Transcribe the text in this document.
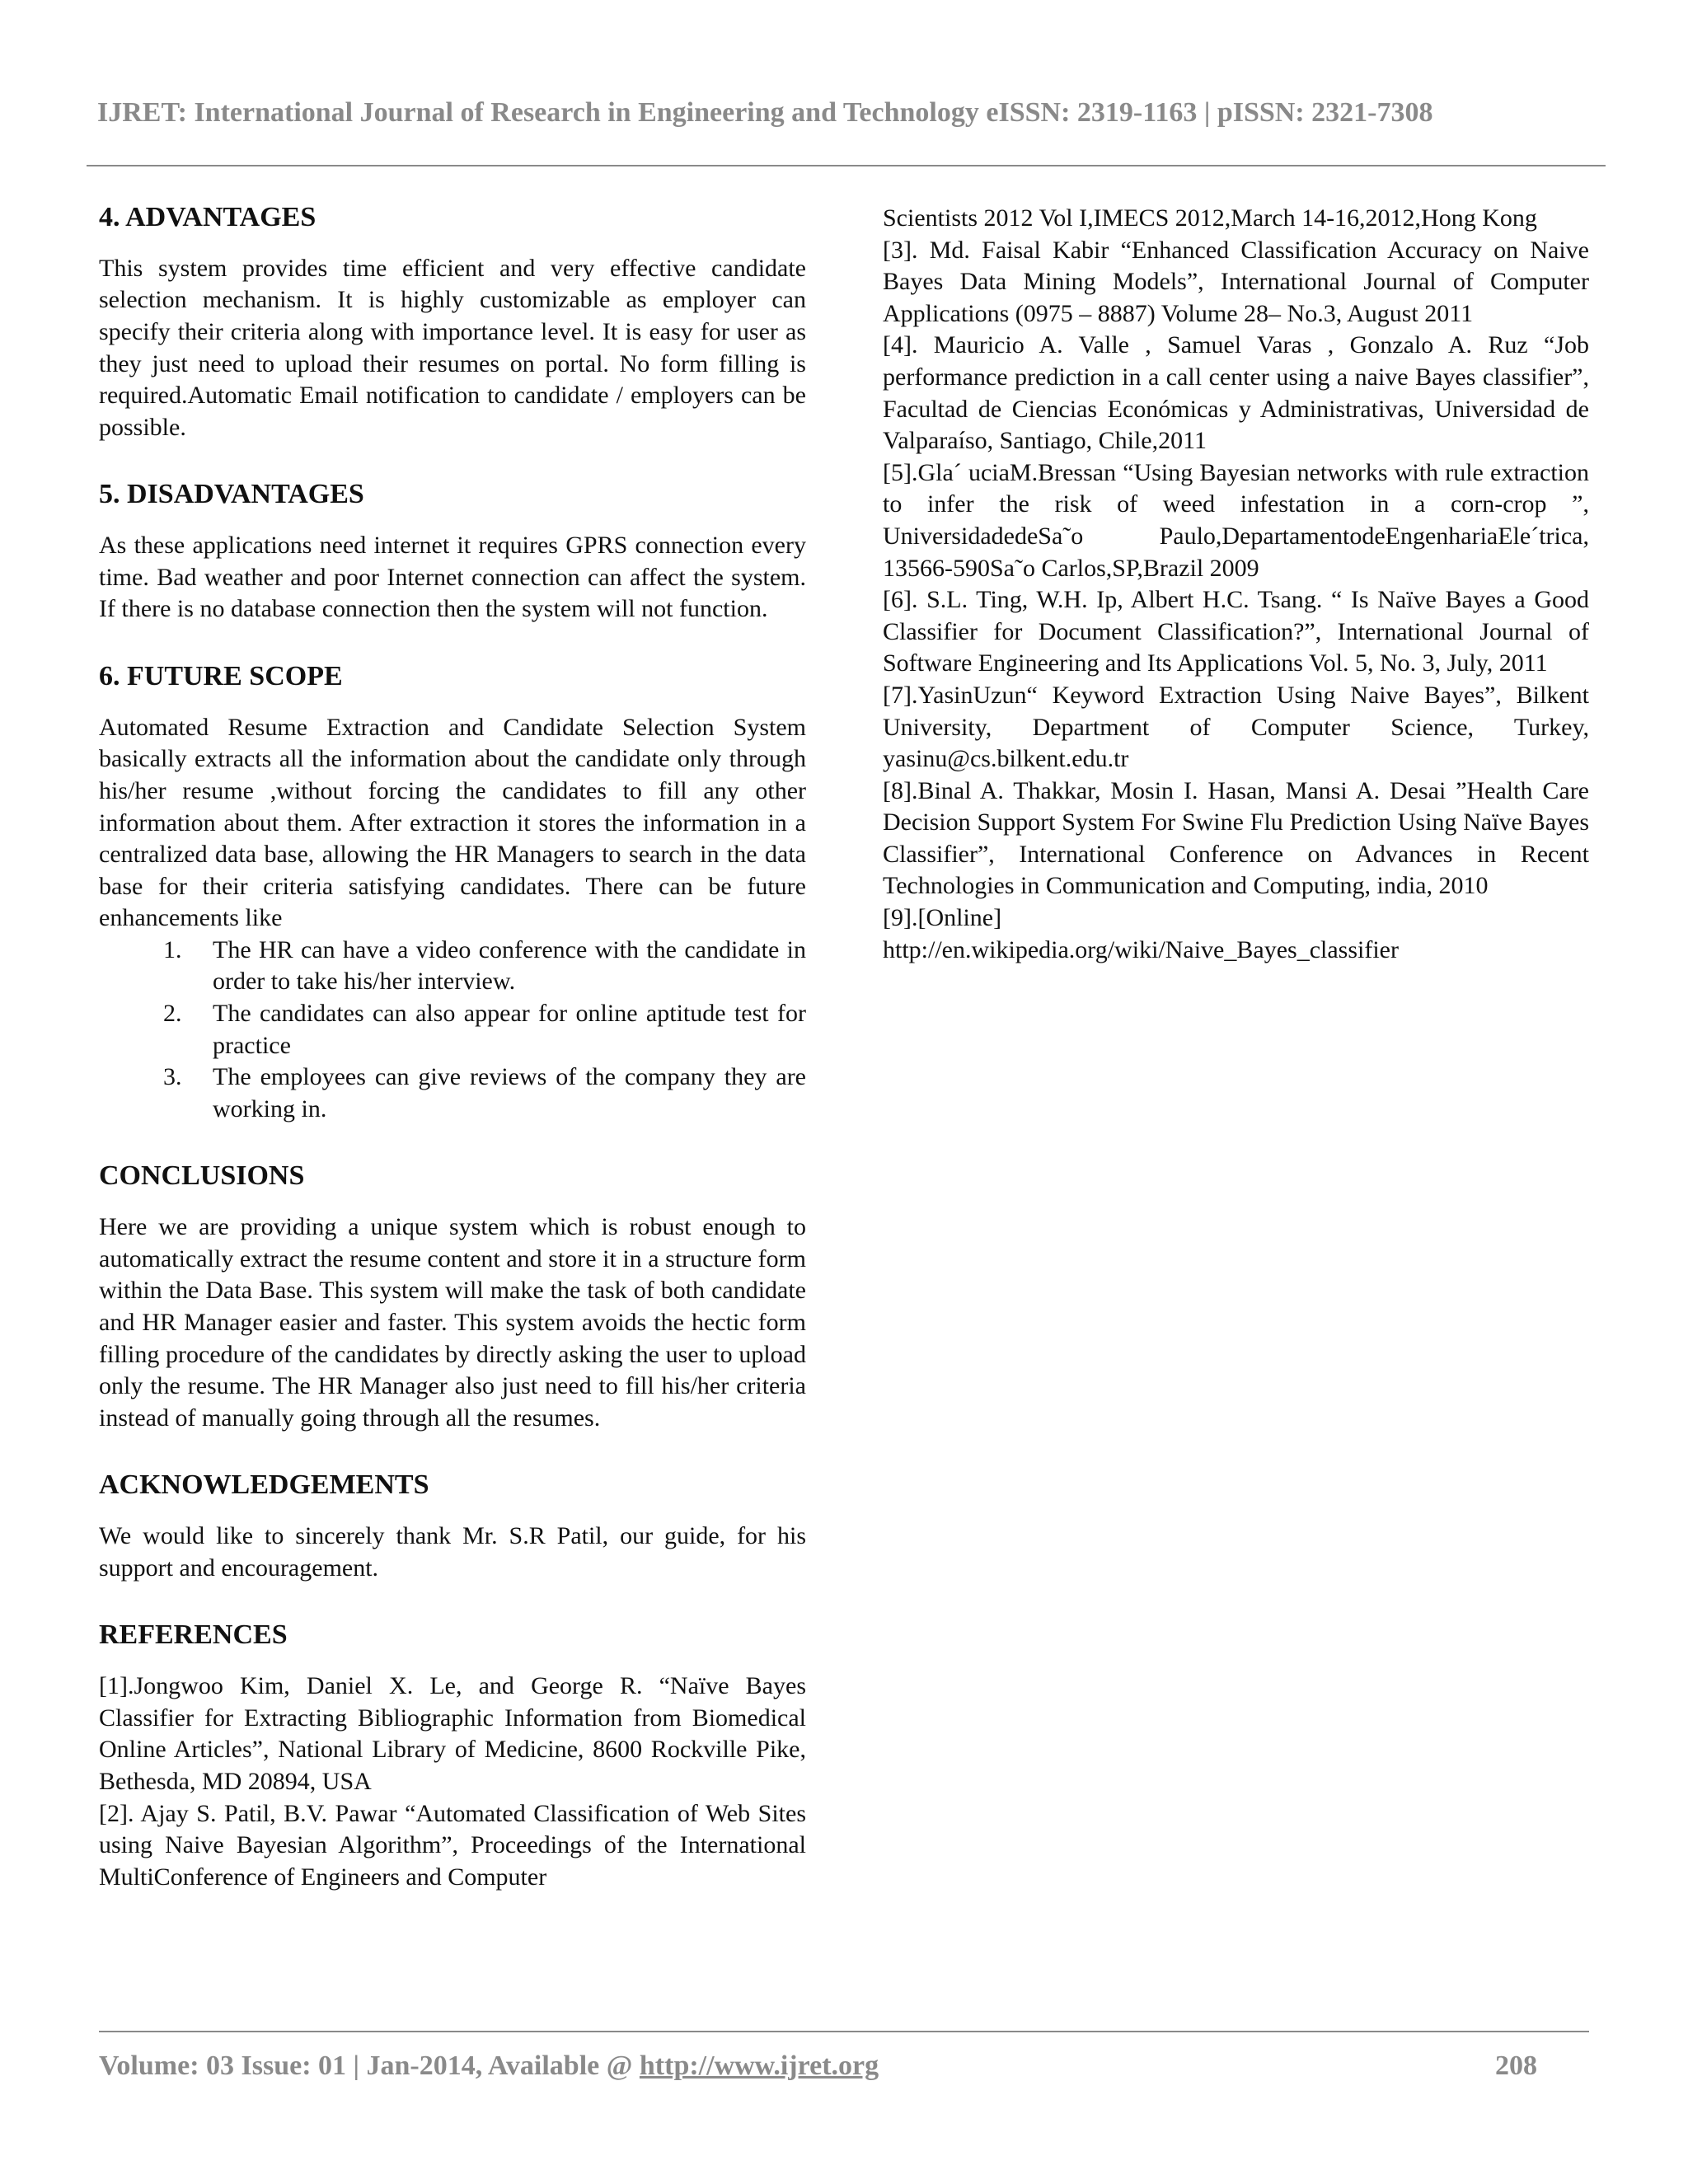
IJRET: International Journal of Research in Engineering and Technology eISSN: 2319-1163 | pISSN: 2321-7308
4. ADVANTAGES

This system provides time efficient and very effective candidate selection mechanism. It is highly customizable as employer can specify their criteria along with importance level. It is easy for user as they just need to upload their resumes on portal. No form filling is required.Automatic Email notification to candidate / employers can be possible.

5. DISADVANTAGES

As these applications need internet it requires GPRS connection every time. Bad weather and poor Internet connection can affect the system. If there is no database connection then the system will not function.

6. FUTURE SCOPE

Automated Resume Extraction and Candidate Selection System basically extracts all the information about the candidate only through his/her resume ,without forcing the candidates to fill any other information about them. After extraction it stores the information in a centralized data base, allowing the HR Managers to search in the data base for their criteria satisfying candidates. There can be future enhancements like

1. The HR can have a video conference with the candidate in order to take his/her interview.
2. The candidates can also appear for online aptitude test for practice
3. The employees can give reviews of the company they are working in.
CONCLUSIONS

Here we are providing a unique system which is robust enough to automatically extract the resume content and store it in a structure form within the Data Base. This system will make the task of both candidate and HR Manager easier and faster. This system avoids the hectic form filling procedure of the candidates by directly asking the user to upload only the resume. The HR Manager also just need to fill his/her criteria instead of manually going through all the resumes.

ACKNOWLEDGEMENTS

We would like to sincerely thank Mr. S.R Patil, our guide, for his support and encouragement.

REFERENCES

[1].Jongwoo Kim, Daniel X. Le, and George R. “Naïve Bayes Classifier for Extracting Bibliographic Information from Biomedical Online Articles”, National Library of Medicine, 8600 Rockville Pike, Bethesda, MD 20894, USA

[2]. Ajay S. Patil, B.V. Pawar “Automated Classification of Web Sites using Naive Bayesian Algorithm”, Proceedings of the International MultiConference of Engineers and Computer

Scientists 2012 Vol I,IMECS 2012,March 14-16,2012,Hong Kong

[3]. Md. Faisal Kabir “Enhanced Classification Accuracy on Naive Bayes Data Mining Models”, International Journal of Computer Applications (0975 – 8887) Volume 28– No.3, August 2011

[4]. Mauricio A. Valle , Samuel Varas , Gonzalo A. Ruz “Job performance prediction in a call center using a naive Bayes classifier”, Facultad de Ciencias Económicas y Administrativas, Universidad de Valparaíso, Santiago, Chile,2011

[5].Gla´ uciaM.Bressan “Using Bayesian networks with rule extraction to infer the risk of weed infestation in a corn-crop ”, UniversidadedeSa˜o Paulo,DepartamentodeEngenhariaEle´trica, 13566-590Sa˜o Carlos,SP,Brazil 2009

[6]. S.L. Ting, W.H. Ip, Albert H.C. Tsang. “ Is Naïve Bayes a Good Classifier for Document Classification?”, International Journal of Software Engineering and Its Applications Vol. 5, No. 3, July, 2011

[7].YasinUzun“ Keyword Extraction Using Naive Bayes”, Bilkent University, Department of Computer Science, Turkey, yasinu@cs.bilkent.edu.tr

[8].Binal A. Thakkar, Mosin I. Hasan, Mansi A. Desai ”Health Care Decision Support System For Swine Flu Prediction Using Naïve Bayes Classifier”, International Conference on Advances in Recent Technologies in Communication and Computing, india, 2010

[9].[Online]

http://en.wikipedia.org/wiki/Naive_Bayes_classifier

Volume: 03 Issue: 01 | Jan-2014, Available @ http://www.ijret.org	208
